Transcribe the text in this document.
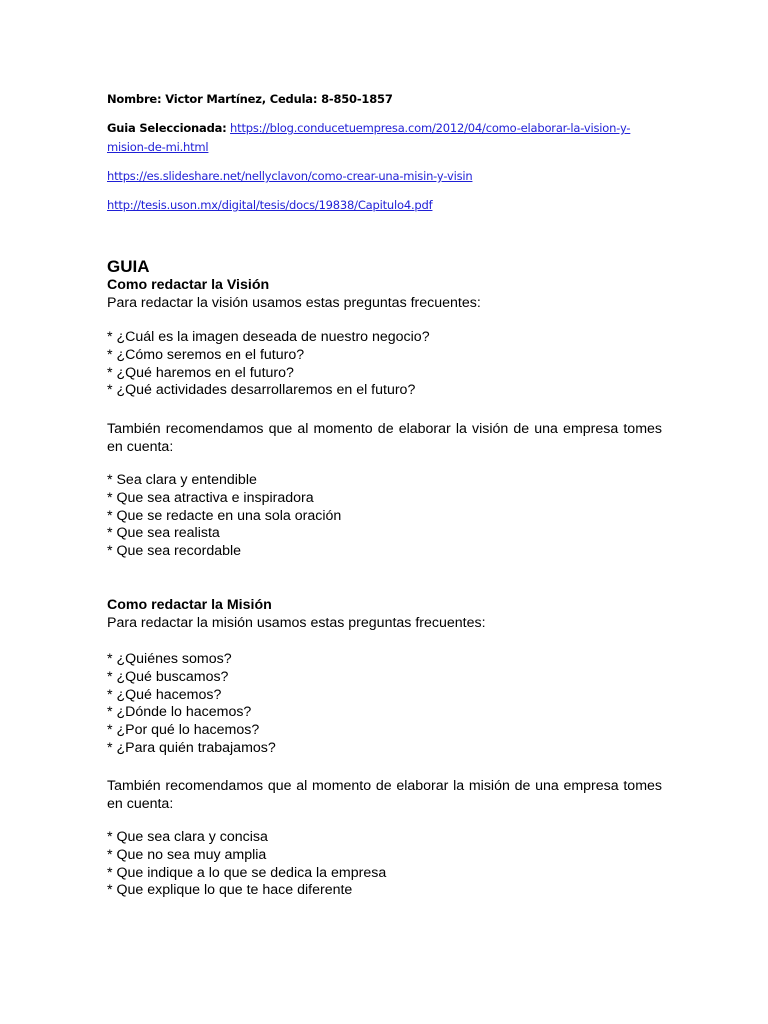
Nombre: Victor Martínez, Cedula: 8-850-1857
Guia Seleccionada: https://blog.conducetuempresa.com/2012/04/como-elaborar-la-vision-y-
mision-de-mi.html
https://es.slideshare.net/nellyclavon/como-crear-una-misin-y-visin
http://tesis.uson.mx/digital/tesis/docs/19838/Capitulo4.pdf
GUIA
Como redactar la Visión
Para redactar la visión usamos estas preguntas frecuentes:
* ¿Cuál es la imagen deseada de nuestro negocio?
* ¿Cómo seremos en el futuro?
* ¿Qué haremos en el futuro?
* ¿Qué actividades desarrollaremos en el futuro?
También recomendamos que al momento de elaborar la visión de una empresa tomes en cuenta:
* Sea clara y entendible
* Que sea atractiva e inspiradora
* Que se redacte en una sola oración
* Que sea realista
* Que sea recordable
Como redactar la Misión
Para redactar la misión usamos estas preguntas frecuentes:
* ¿Quiénes somos?
* ¿Qué buscamos?
* ¿Qué hacemos?
* ¿Dónde lo hacemos?
* ¿Por qué lo hacemos?
* ¿Para quién trabajamos?
También recomendamos que al momento de elaborar la misión de una empresa tomes en cuenta:
* Que sea clara y concisa
* Que no sea muy amplia
* Que indique a lo que se dedica la empresa
* Que explique lo que te hace diferente
